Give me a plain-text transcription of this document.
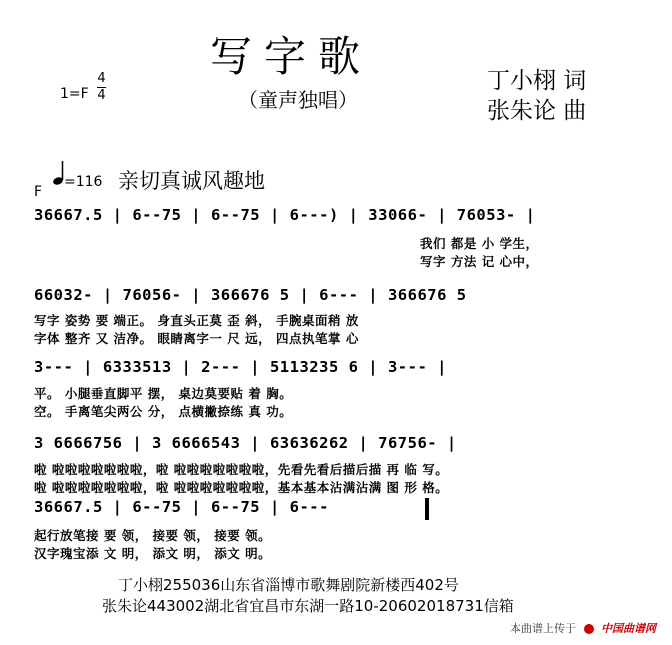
写字歌
（童声独唱）
丁小栩 词
张朱论 曲
1=F
4
4
F
=116 亲切真诚风趣地
36667.5 | 6--75 | 6--75 | 6---) | 33066- | 76053- |
我们 都是 小 学生，
写字 方法 记 心中，
66032- | 76056- | 366676 5 | 6--- | 366676 5
写字 姿势 要 端正。 身直头正莫 歪 斜， 手腕桌面稍 放
字体 整齐 又 洁净。 眼睛离字一 尺 远， 四点执笔掌 心
3--- | 6333513 | 2--- | 5113235 6 | 3--- |
平。 小腿垂直脚平 摆， 桌边莫要贴 着 胸。
空。 手离笔尖两公 分， 点横撇捺练 真 功。
3 6666756 | 3 6666543 | 63636262 | 76756- |
啦 啦啦啦啦啦啦啦，啦 啦啦啦啦啦啦啦，先看先看后描后描 再 临 写。
啦 啦啦啦啦啦啦啦，啦 啦啦啦啦啦啦啦，基本基本沾满沾满 图 形 格。
36667.5 | 6--75 | 6--75 | 6---
起行放笔接 要 领， 接要 领， 接要 领。
汉字瑰宝添 文 明， 添文 明， 添文 明。
丁小栩255036山东省淄博市歌舞剧院新楼西402号
张朱论443002湖北省宜昌市东湖一路10-20602018731信箱
本曲谱上传于 中国曲谱网
